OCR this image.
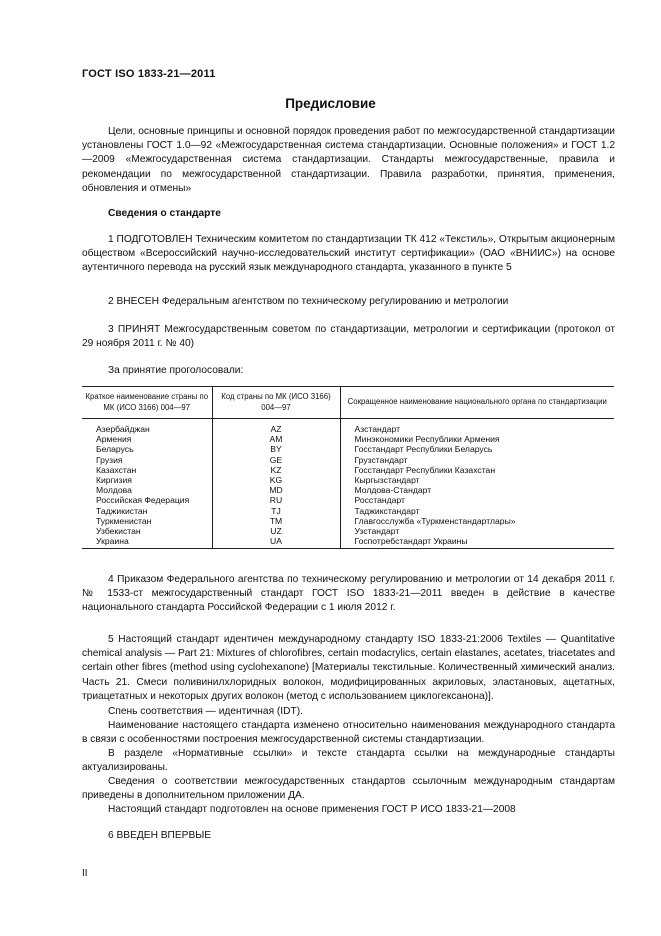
ГОСТ ISO 1833-21—2011
Предисловие
Цели, основные принципы и основной порядок проведения работ по межгосударственной стандартизации установлены ГОСТ 1.0—92 «Межгосударственная система стандартизации. Основные положения» и ГОСТ 1.2—2009 «Межгосударственная система стандартизации. Стандарты межгосударственные, правила и рекомендации по межгосударственной стандартизации. Правила разработки, принятия, применения, обновления и отмены»
Сведения о стандарте
1 ПОДГОТОВЛЕН Техническим комитетом по стандартизации ТК 412 «Текстиль», Открытым акционерным обществом «Всероссийский научно-исследовательский институт сертификации» (ОАО «ВНИИС») на основе аутентичного перевода на русский язык международного стандарта, указанного в пункте 5
2 ВНЕСЕН Федеральным агентством по техническому регулированию и метрологии
3 ПРИНЯТ Межгосударственным советом по стандартизации, метрологии и сертификации (протокол от 29 ноября 2011 г. № 40)
За принятие проголосовали:
Краткое наименование страны по МК (ИСО 3166) 004—97	Код страны по МК (ИСО 3166) 004—97	Сокращенное наименование национального органа по стандартизации
Азербайджан	AZ	Азстандарт
Армения	AM	Минэкономики Республики Армения
Беларусь	BY	Госстандарт Республики Беларусь
Грузия	GE	Грузстандарт
Казахстан	KZ	Госстандарт Республики Казахстан
Киргизия	KG	Кыргызстандарт
Молдова	MD	Молдова-Стандарт
Российская Федерация	RU	Росстандарт
Таджикистан	TJ	Таджикстандарт
Туркменистан	TM	Главгосслужба «Туркменстандартлары»
Узбекистан	UZ	Узстандарт
Украина	UA	Госпотребстандарт Украины
4 Приказом Федерального агентства по техническому регулированию и метрологии от 14 декабря 2011 г. № 1533-ст межгосударственный стандарт ГОСТ ISO 1833-21—2011 введен в действие в качестве национального стандарта Российской Федерации с 1 июля 2012 г.
5 Настоящий стандарт идентичен международному стандарту ISO 1833-21:2006 Textiles — Quantitative chemical analysis — Part 21: Mixtures of chlorofibres, certain modacrylics, certain elastanes, acetates, triacetates and certain other fibres (method using cyclohexanone) [Материалы текстильные. Количественный химический анализ. Часть 21. Смеси поливинилхлоридных волокон, модифицированных акриловых, эластановых, ацетатных, триацетатных и некоторых других волокон (метод с использованием циклогексанона)].
Спень соответствия — идентичная (IDT).
Наименование настоящего стандарта изменено относительно наименования международного стандарта в связи с особенностями построения межгосударственной системы стандартизации.
В разделе «Нормативные ссылки» и тексте стандарта ссылки на международные стандарты актуализированы.
Сведения о соответствии межгосударственных стандартов ссылочным международным стандартам приведены в дополнительном приложении ДА.
Настоящий стандарт подготовлен на основе применения ГОСТ Р ИСО 1833-21—2008
6 ВВЕДЕН ВПЕРВЫЕ
II
